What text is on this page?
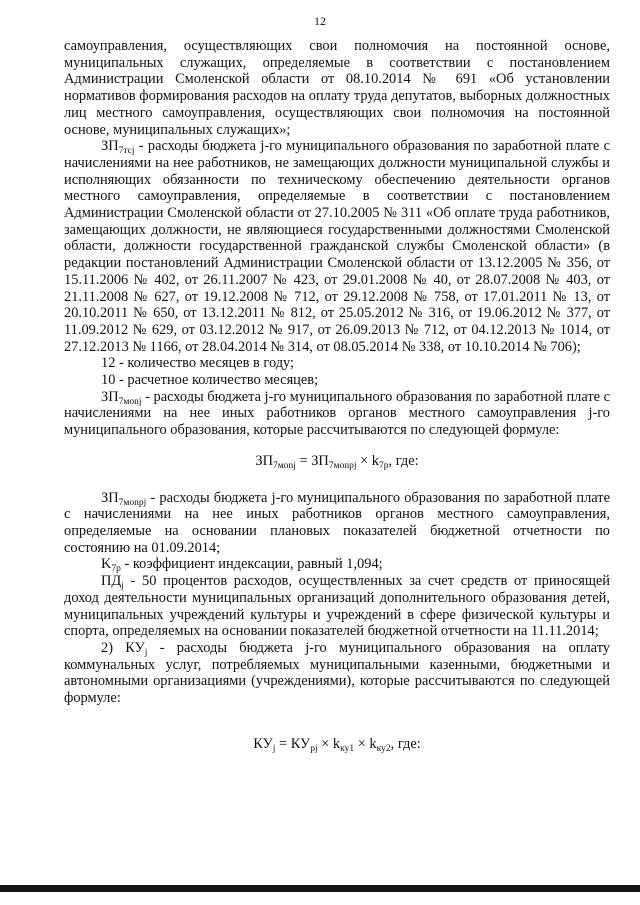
12

самоуправления, осуществляющих свои полномочия на постоянной основе, муниципальных служащих, определяемые в соответствии с постановлением Администрации Смоленской области от 08.10.2014 № 691 «Об установлении нормативов формирования расходов на оплату труда депутатов, выборных должностных лиц местного самоуправления, осуществляющих свои полномочия на постоянной основе, муниципальных служащих»;

$ЗП_{7тсj}$ - расходы бюджета j-го муниципального образования по заработной плате с начислениями на нее работников, не замещающих должности муниципальной службы и исполняющих обязанности по техническому обеспечению деятельности органов местного самоуправления, определяемые в соответствии с постановлением Администрации Смоленской области от 27.10.2005 № 311 «Об оплате труда работников, замещающих должности, не являющиеся государственными должностями Смоленской области, должности государственной гражданской службы Смоленской области» (в редакции постановлений Администрации Смоленской области от 13.12.2005 № 356, от 15.11.2006 № 402, от 26.11.2007 № 423, от 29.01.2008 № 40, от 28.07.2008 № 403, от 21.11.2008 № 627, от 19.12.2008 № 712, от 29.12.2008 № 758, от 17.01.2011 № 13, от 20.10.2011 № 650, от 13.12.2011 № 812, от 25.05.2012 № 316, от 19.06.2012 № 377, от 11.09.2012 № 629, от 03.12.2012 № 917, от 26.09.2013 № 712, от 04.12.2013 № 1014, от 27.12.2013 № 1166, от 28.04.2014 № 314, от 08.05.2014 № 338, от 10.10.2014 № 706);

12 - количество месяцев в году;

10 - расчетное количество месяцев;

$ЗП_{7моnj}$ - расходы бюджета j-го муниципального образования по заработной плате с начислениями на нее иных работников органов местного самоуправления j-го муниципального образования, которые рассчитываются по следующей формуле:

$ЗП_{7моnj} = ЗП_{7моnрj} \times k_{7р}$, где:

$ЗП_{7моnрj}$ - расходы бюджета j-го муниципального образования по заработной плате с начислениями на нее иных работников органов местного самоуправления, определяемые на основании плановых показателей бюджетной отчетности по состоянию на 01.09.2014;

$K_{7р}$ - коэффициент индексации, равный 1,094;

$ПД_j - 50$ процентов расходов, осуществленных за счет средств от приносящей доход деятельности муниципальных организаций дополнительного образования детей, муниципальных учреждений культуры и учреждений в сфере физической культуры и спорта, определяемых на основании показателей бюджетной отчетности на 11.11.2014;

2) $КУ_j$ - расходы бюджета j-го муниципального образования на оплату коммунальных услуг, потребляемых муниципальными казенными, бюджетными и автономными организациями (учреждениями), которые рассчитываются по следующей формуле:

$КУ_j = КУ_{рj} \times k_{ку1} \times k_{ку2}$, где:
